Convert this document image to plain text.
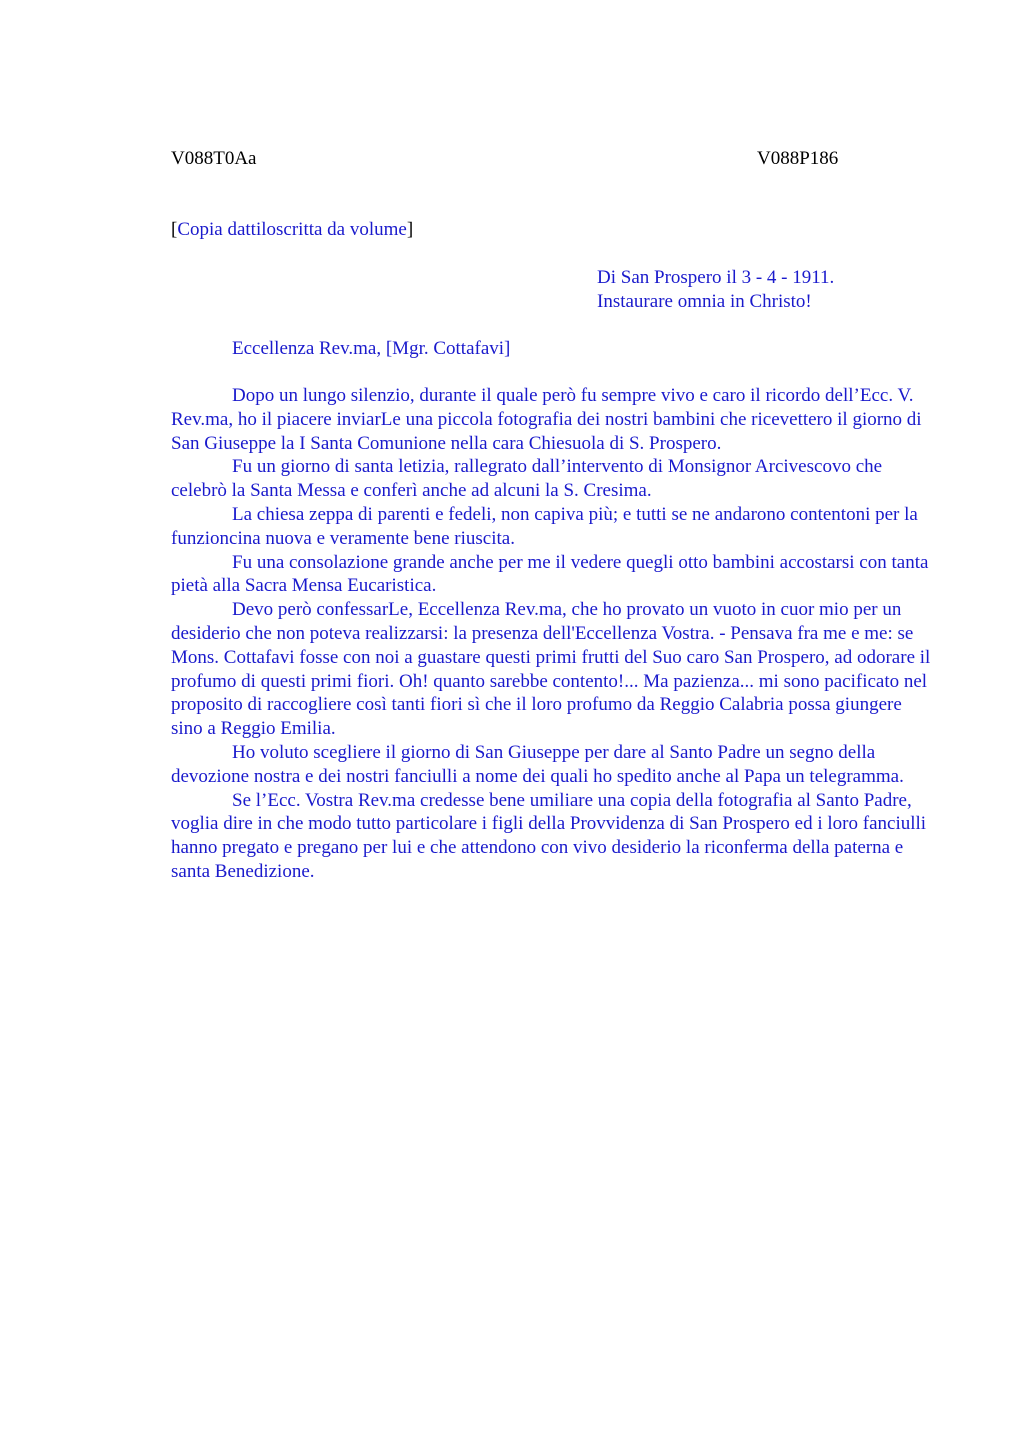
V088T0Aa	V088P186
[Copia dattiloscritta da volume]
Di San Prospero il 3 - 4 - 1911.
Instaurare omnia in Christo!
Eccellenza Rev.ma, [Mgr. Cottafavi]

Dopo un lungo silenzio, durante il quale però fu sempre vivo e caro il ricordo dell’Ecc. V. Rev.ma, ho il piacere inviarLe una piccola fotografia dei nostri bambini che ricevettero il giorno di San Giuseppe la I Santa Comunione nella cara Chiesuola di S. Prospero.

Fu un giorno di santa letizia, rallegrato dall’intervento di Monsignor Arcivescovo che celebrò la Santa Messa e conferì anche ad alcuni la S. Cresima.

La chiesa zeppa di parenti e fedeli, non capiva più; e tutti se ne andarono contentoni per la funzioncina nuova e veramente bene riuscita.

Fu una consolazione grande anche per me il vedere quegli otto bambini accostarsi con tanta pietà alla Sacra Mensa Eucaristica.

Devo però confessarLe, Eccellenza Rev.ma, che ho provato un vuoto in cuor mio per un desiderio che non poteva realizzarsi: la presenza dell'Eccellenza Vostra. - Pensava fra me e me: se Mons. Cottafavi fosse con noi a guastare questi primi frutti del Suo caro San Prospero, ad odorare il profumo di questi primi fiori. Oh! quanto sarebbe contento!... Ma pazienza... mi sono pacificato nel proposito di raccogliere così tanti fiori sì che il loro profumo da Reggio Calabria possa giungere sino a Reggio Emilia.

Ho voluto scegliere il giorno di San Giuseppe per dare al Santo Padre un segno della devozione nostra e dei nostri fanciulli a nome dei quali ho spedito anche al Papa un telegramma.

Se l’Ecc. Vostra Rev.ma credesse bene umiliare una copia della fotografia al Santo Padre, voglia dire in che modo tutto particolare i figli della Provvidenza di San Prospero ed i loro fanciulli hanno pregato e pregano per lui e che attendono con vivo desiderio la riconferma della paterna e santa Benedizione.
